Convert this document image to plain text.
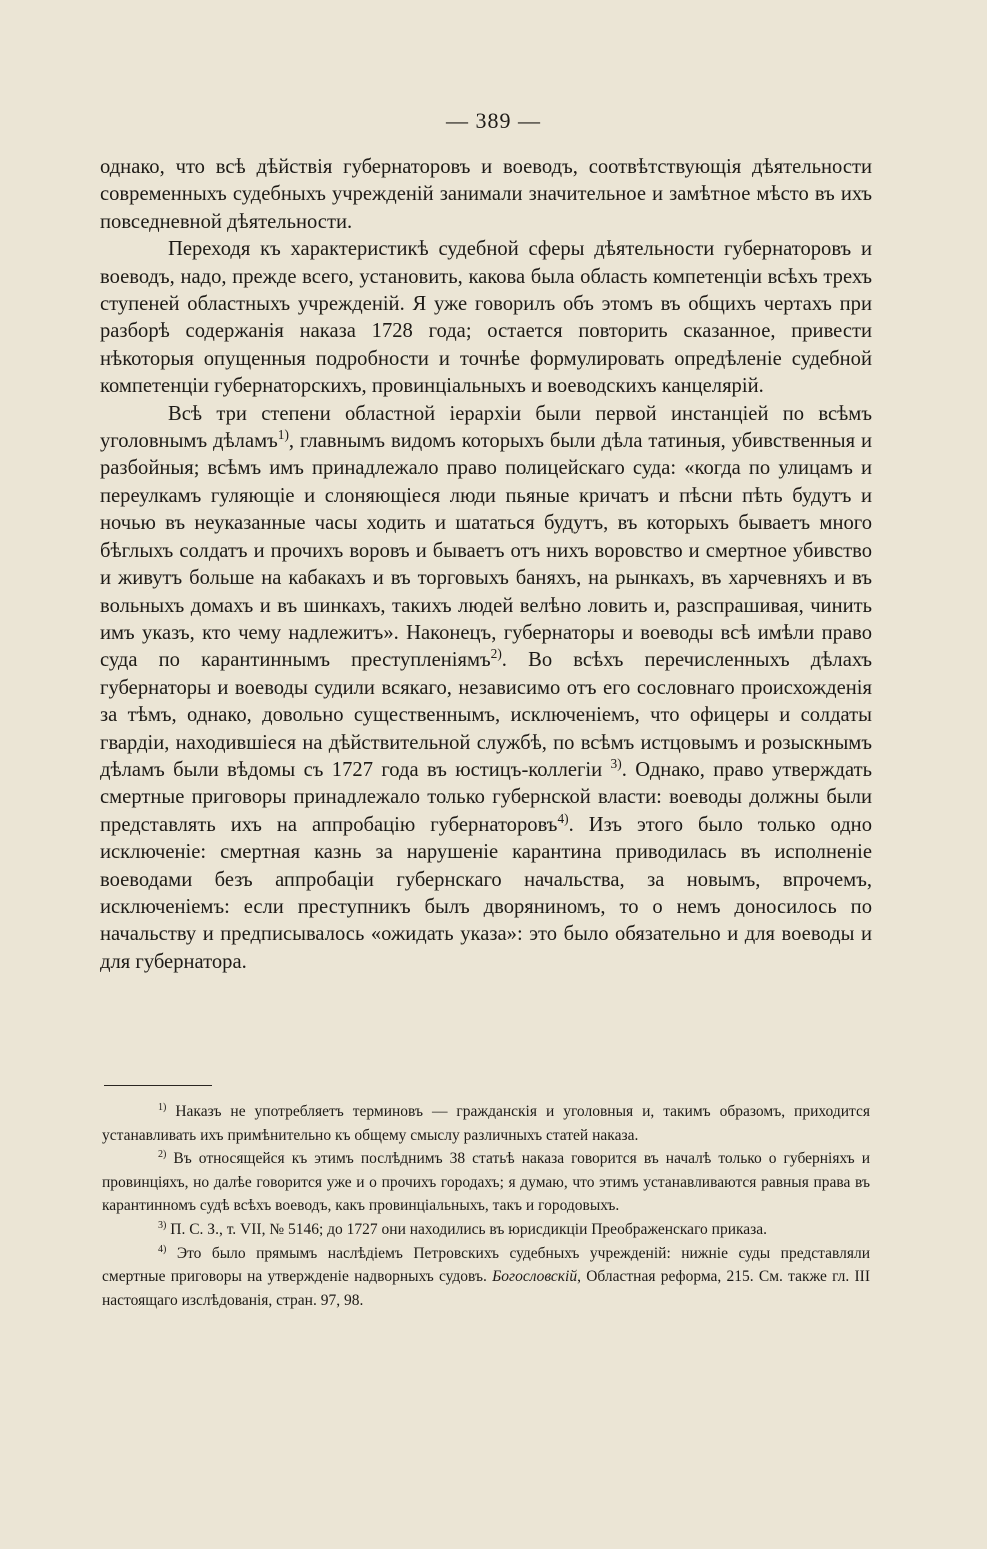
— 389 —

однако, что всѣ дѣйствія губернаторовъ и воеводъ, соотвѣтствующія дѣятельности современныхъ судебныхъ учрежденій занимали значительное и замѣтное мѣсто въ ихъ повседневной дѣятельности.

Переходя къ характеристикѣ судебной сферы дѣятельности губернаторовъ и воеводъ, надо, прежде всего, установить, какова была область компетенціи всѣхъ трехъ ступеней областныхъ учрежденій. Я уже говорилъ объ этомъ въ общихъ чертахъ при разборѣ содержанія наказа 1728 года; остается повторить сказанное, привести нѣкоторыя опущенныя подробности и точнѣе формулировать опредѣленіе судебной компетенціи губернаторскихъ, провинціальныхъ и воеводскихъ канцелярій.

Всѣ три степени областной іерархіи были первой инстанціей по всѣмъ уголовнымъ дѣламъ$^{1)}$, главнымъ видомъ которыхъ были дѣла татиныя, убивственныя и разбойныя; всѣмъ имъ принадлежало право полицейскаго суда: «когда по улицамъ и переулкамъ гуляющіе и слоняющіеся люди пьяные кричатъ и пѣсни пѣть будутъ и ночью въ неуказанные часы ходить и шататься будутъ, въ которыхъ бываетъ много бѣглыхъ солдатъ и прочихъ воровъ и бываетъ отъ нихъ воровство и смертное убивство и живутъ больше на кабакахъ и въ торговыхъ баняхъ, на рынкахъ, въ харчевняхъ и въ вольныхъ домахъ и въ шинкахъ, такихъ людей велѣно ловить и, разспрашивая, чинить имъ указъ, кто чему надлежитъ». Наконецъ, губернаторы и воеводы всѣ имѣли право суда по карантиннымъ преступленіямъ$^{2)}$. Во всѣхъ перечисленныхъ дѣлахъ губернаторы и воеводы судили всякаго, независимо отъ его сословнаго происхожденія за тѣмъ, однако, довольно существеннымъ, исключеніемъ, что офицеры и солдаты гвардіи, находившіеся на дѣйствительной службѣ, по всѣмъ истцовымъ и розыскнымъ дѣламъ были вѣдомы съ 1727 года въ юстицъ-коллегіи $^{3)}$. Однако, право утверждать смертные приговоры принадлежало только губернской власти: воеводы должны были представлять ихъ на аппробацію губернаторовъ$^{4)}$. Изъ этого было только одно исключеніе: смертная казнь за нарушеніе карантина приводилась въ исполненіе воеводами безъ аппробаціи губернскаго начальства, за новымъ, впрочемъ, исключеніемъ: если преступникъ былъ дворяниномъ, то о немъ доносилось по начальству и предписывалось «ожидать указа»: это было обязательно и для воеводы и для губернатора.

$^{1)}$ Наказъ не употребляетъ терминовъ — гражданскія и уголовныя и, такимъ образомъ, приходится устанавливать ихъ примѣнительно къ общему смыслу различныхъ статей наказа.

$^{2)}$ Въ относящейся къ этимъ послѣднимъ 38 статьѣ наказа говорится въ началѣ только о губерніяхъ и провинціяхъ, но далѣе говорится уже и о прочихъ городахъ; я думаю, что этимъ устанавливаются равныя права въ карантинномъ судѣ всѣхъ воеводъ, какъ провинціальныхъ, такъ и городовыхъ.

$^{3)}$ П. С. З., т. VII, № 5146; до 1727 они находились въ юрисдикціи Преображенскаго приказа.

$^{4)}$ Это было прямымъ наслѣдіемъ Петровскихъ судебныхъ учрежденій: нижніе суды представляли смертные приговоры на утвержденіе надворныхъ судовъ. Богословскій, Областная реформа, 215. См. также гл. III настоящаго изслѣдованія, стран. 97, 98.
